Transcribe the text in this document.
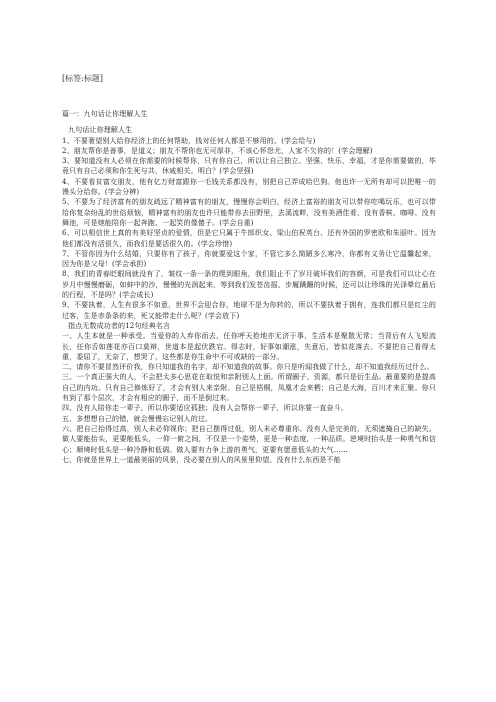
[标签:标题]

篇一：九句话让你理解人生

九句话让你理解人生

1、不要奢望别人给你经济上的任何帮助，钱对任何人都是不够用的。(学会给与)

2、朋友帮你是善事，是道义；朋友不帮你也无可厚非，不该心怀怨尤，人家不欠你的！(学会理解)

3、要知道没有人必须在你需要的时候帮你，只有你自己，所以让自己独立、坚强、快乐、幸福，才是你需要做的，毕竟只有自己必须和你生死与共，休戚相关。明白？(学会坚强)

4、不要看贫富交朋友，他有亿万财富跟你一毛钱关系都没有，别把自己弄成哈巴狗。他也许一无所有却可以把唯一的馒头分给你。(学会分辨)

5、不要为了经济富有的朋友疏远了精神富有的朋友，慢慢你会明白，经济上富裕的朋友可以带你吃喝玩乐，也可以带给你复杂纷乱的世俗烦恼，精神富有的朋友也许只能带你去田野里，去溪流畔，没有美酒佳肴，没有香槟、咖啡、没有舞池，可是她能陪你一起奔跑、一起笑的像傻子。(学会自重)

6、可以相信世上真的有美好坚贞的爱情，但是它只属于牛郎织女、梁山伯祝英台、还有外国的罗密欧和朱丽叶。因为他们都没有活很久，而我们是要活很久的。(学会珍惜)

7、不管你因为什么结婚，只要你有了孩子，你就要爱这个家，不管它多么简陋多么寒冷，你都有义务让它温馨起来，因为你是父母！(学会承担)

8、我们的青春眨眼间就没有了，皱纹一条一条的爬到眼角，我们阻止不了岁月破坏我们的容颜，可是我们可以让心在岁月中慢慢磨砺，如蚌中的沙，慢慢的光润起来，等到我们发苍齿摇、步履蹒跚的时候，还可以让珍珠的光泽晕红最后的行程，不是吗？(学会成长)

9、不要执着，人生有很多不如意，世界不会迎合你，地球不是为你转的，所以不要执着于拥有，连我们都只是红尘的过客，生是赤条条的来，死又能带走什么呢？(学会放下)

指点无数成功者的12句经典名言

一、人生本就是一种承受。当爱你的人弃你而去，任你呼天抢地亦无济于事，生活本是聚散无常；当背后有人飞短流长，任你舌如莲花亦百口莫辩，世道本是起伏跌宕。得志时，好事如潮涨，失意后，皆似花落去。不要把自己看得太重，委屈了，无奈了，想哭了，这些都是你生命中不可或缺的一部分。

二、请你不要冒然评价我，你只知道我的名字，却不知道我的故事。你只是听闻我做了什么，却不知道我经历过什么。

三、一个真正强大的人，不会把太多心思花在取悦和亲附别人上面。所谓圈子、资源，都只是衍生品。最重要的是提高自己的内功。只有自己修炼好了，才会有别人来亲附。自己是梧桐，凤凰才会来栖；自己是大海，百川才来汇聚。你只有到了那个层次，才会有相应的圈子，而不是倒过来。

四、没有人陪你走一辈子，所以你要适应孤独；没有人会帮你一辈子，所以你要一直奋斗。

五、多想想自己的错，就会慢慢忘记别人的过。

六、把自己抬得过高，别人未必仰视你；把自己摆得过低，别人未必尊重你。没有人是完美的，无须遮掩自己的缺失。做人要能抬头，更要能低头，一仰一俯之间，不仅是一个姿势，更是一种态度，一种品质。逆境时抬头是一种勇气和信心；顺境时低头是一种冷静和低调。做人要有力争上游的勇气，更要有愿意低头的大气……

七、你就是世界上一道最美丽的风景，没必要在别人的风景里仰望。没有什么东西是不能
